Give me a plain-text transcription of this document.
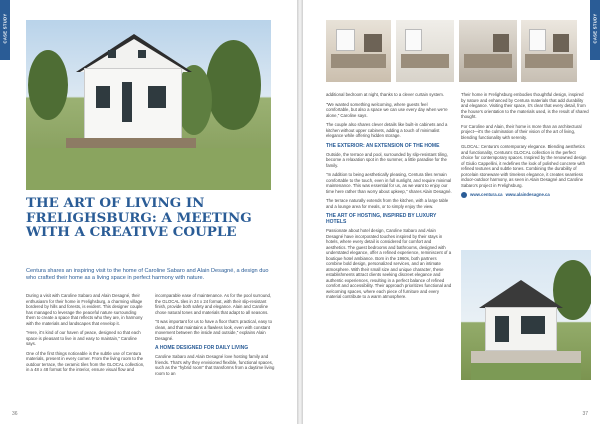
CASE STUDY
THE ART OF LIVING IN FRELIGHSBURG: A MEETING WITH A CREATIVE COUPLE

Centura shares an inspiring visit to the home of Caroline Sabaro and Alain Desagné, a design duo who crafted their home as a living space in perfect harmony with nature.

During a visit with Caroline Sabaro and Alain Desagné, their enthusiasm for their home in Frelighsburg, a charming village bordered by hills and forests, is evident. This designer couple has managed to leverage the peaceful nature surrounding them to create a space that reflects who they are, in harmony with the materials and landscapes that envelop it.

"Here, it's kind of our haven of peace, designed so that each space is pleasant to live in and easy to maintain," Caroline says.

One of the first things noticeable is the subtle use of Centura materials, present in every corner. From the living room to the outdoor terrace, the ceramic tiles from the GLOCAL collection, in a 48 x 48 format for the interior, ensure visual flow and

incomparable ease of maintenance. As for the pool surround, the GLOCAL tiles in 24 x 24 format, with their slip-resistant finish, provide both safety and elegance. Alain and Caroline chose natural tones and materials that adapt to all seasons.

"It was important for us to have a floor that's practical, easy to clean, and that maintains a flawless look, even with constant movement between the inside and outside," explains Alain Desagné.

A HOME DESIGNED FOR DAILY LIVING

Caroline Sabaro and Alain Desagné love hosting family and friends. That's why they envisioned flexible, functional spaces, such as the "hybrid room" that transforms from a daytime living room to an

36
CASE STUDY

additional bedroom at night, thanks to a clever curtain system.

"We wanted something welcoming, where guests feel comfortable, but also a space we can use every day when we're alone," Caroline says.

The couple also shares clever details like built-in cabinets and a kitchen without upper cabinets, adding a touch of minimalist elegance while offering hidden storage.

THE EXTERIOR: AN EXTENSION OF THE HOME

Outside, the terrace and pool, surrounded by slip-resistant tiling, become a relaxation spot in the summer, a little paradise for the family.

"In addition to being aesthetically pleasing, Centura tiles remain comfortable to the touch, even in full sunlight, and require minimal maintenance. This was essential for us, as we want to enjoy our time here rather than worry about upkeep," shares Alain Desagné.

The terrace naturally extends from the kitchen, with a large table and a lounge area for meals, or to simply enjoy the view.

THE ART OF HOSTING, INSPIRED BY LUXURY HOTELS

Passionate about hotel design, Caroline Sabaro and Alain Desagné have incorporated touches inspired by their stays in hotels, where every detail is considered for comfort and aesthetics. The guest bedrooms and bathrooms, designed with understated elegance, offer a refined experience, reminiscent of a boutique hotel ambiance. Born in the 1960s, both partners combine bold design, personalized services, and an intimate atmosphere. With their small size and unique character, these establishments attract clients seeking discreet elegance and authentic experiences, resulting in a perfect balance of refined comfort and accessibility. Their approach prioritizes functional and welcoming spaces, where each piece of furniture and every material contribute to a warm atmosphere.

Their home in Frelighsburg embodies thoughtful design, inspired by nature and enhanced by Centura materials that add durability and elegance. Visiting their space, it's clear that every detail, from the house's orientation to the materials used, is the result of shared thought.

For Caroline and Alain, their home is more than an architectural project—it's the culmination of their vision of the art of living, blending functionality with serenity.

GLOCAL: Centura's contemporary elegance. Blending aesthetics and functionality, Centura's GLOCAL collection is the perfect choice for contemporary spaces. Inspired by the renowned design of Giulio Cappellini, it redefines the look of polished concrete with refined textures and subtle tones. Combining the durability of porcelain stoneware with timeless elegance, it creates seamless indoor-outdoor harmony, as seen in Alain Desagné and Caroline Sabaro's project in Frelighsburg.

www.centura.ca www.alaindesagne.ca
37
